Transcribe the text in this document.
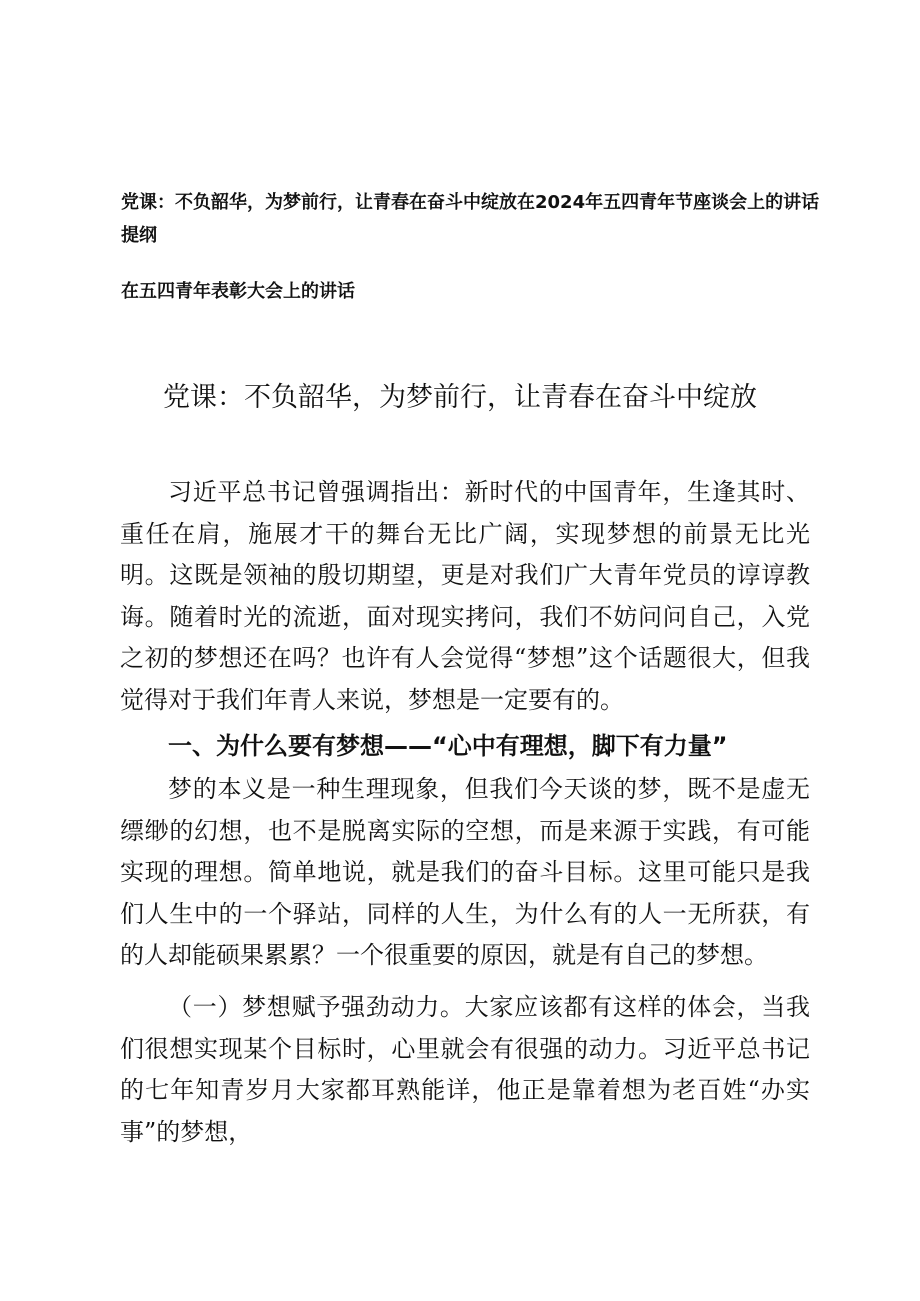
党课：不负韶华，为梦前行，让青春在奋斗中绽放在2024年五四青年节座谈会上的讲话提纲
在五四青年表彰大会上的讲话
党课：不负韶华，为梦前行，让青春在奋斗中绽放

习近平总书记曾强调指出：新时代的中国青年，生逢其时、重任在肩，施展才干的舞台无比广阔，实现梦想的前景无比光明。这既是领袖的殷切期望，更是对我们广大青年党员的谆谆教诲。随着时光的流逝，面对现实拷问，我们不妨问问自己，入党之初的梦想还在吗？也许有人会觉得“梦想”这个话题很大，但我觉得对于我们年青人来说，梦想是一定要有的。

一、为什么要有梦想——“心中有理想，脚下有力量”

梦的本义是一种生理现象，但我们今天谈的梦，既不是虚无缥缈的幻想，也不是脱离实际的空想，而是来源于实践，有可能实现的理想。简单地说，就是我们的奋斗目标。这里可能只是我们人生中的一个驿站，同样的人生，为什么有的人一无所获，有的人却能硕果累累？一个很重要的原因，就是有自己的梦想。

（一）梦想赋予强劲动力。大家应该都有这样的体会，当我们很想实现某个目标时，心里就会有很强的动力。习近平总书记的七年知青岁月大家都耳熟能详，他正是靠着想为老百姓“办实事”的梦想，
